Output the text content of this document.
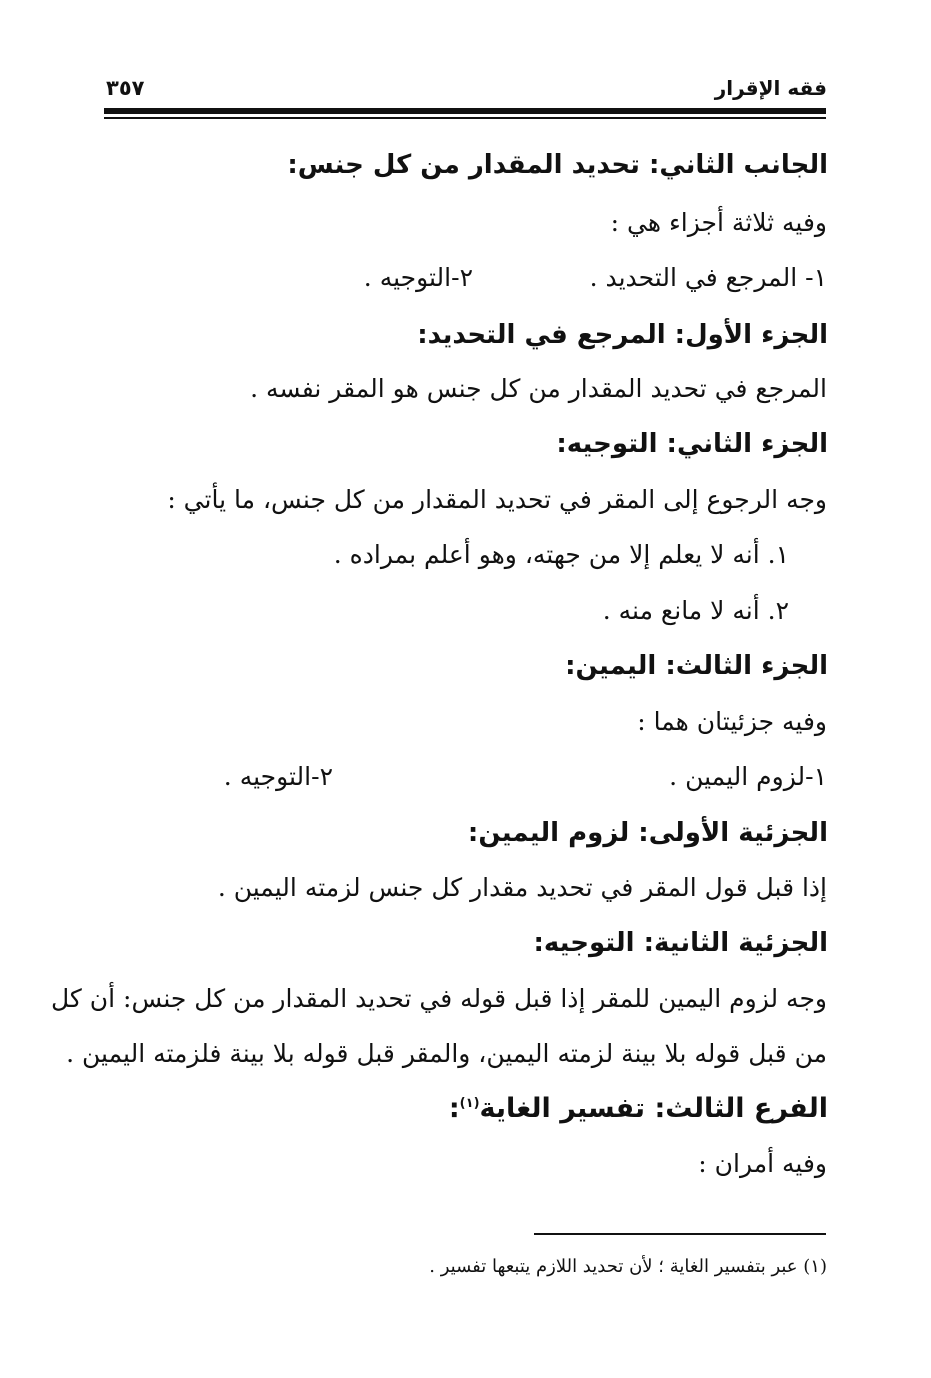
فقه الإقرار
٣٥٧
الجانب الثاني: تحديد المقدار من كل جنس:
وفيه ثلاثة أجزاء هي :
١- المرجع في التحديد .
٢-التوجيه .
الجزء الأول: المرجع في التحديد:
المرجع في تحديد المقدار من كل جنس هو المقر نفسه .
الجزء الثاني: التوجيه:
وجه الرجوع إلى المقر في تحديد المقدار من كل جنس، ما يأتي :
١. أنه لا يعلم إلا من جهته، وهو أعلم بمراده .
٢. أنه لا مانع منه .
الجزء الثالث: اليمين:
وفيه جزئيتان هما :
١-لزوم اليمين .
٢-التوجيه .
الجزئية الأولى: لزوم اليمين:
إذا قبل قول المقر في تحديد مقدار كل جنس لزمته اليمين .
الجزئية الثانية: التوجيه:
وجه لزوم اليمين للمقر إذا قبل قوله في تحديد المقدار من كل جنس: أن كل
من قبل قوله بلا بينة لزمته اليمين، والمقر قبل قوله بلا بينة فلزمته اليمين .
الفرع الثالث: تفسير الغاية$^{(١)}$:
وفيه أمران :
(١) عبر بتفسير الغاية ؛ لأن تحديد اللازم يتبعها تفسير .
